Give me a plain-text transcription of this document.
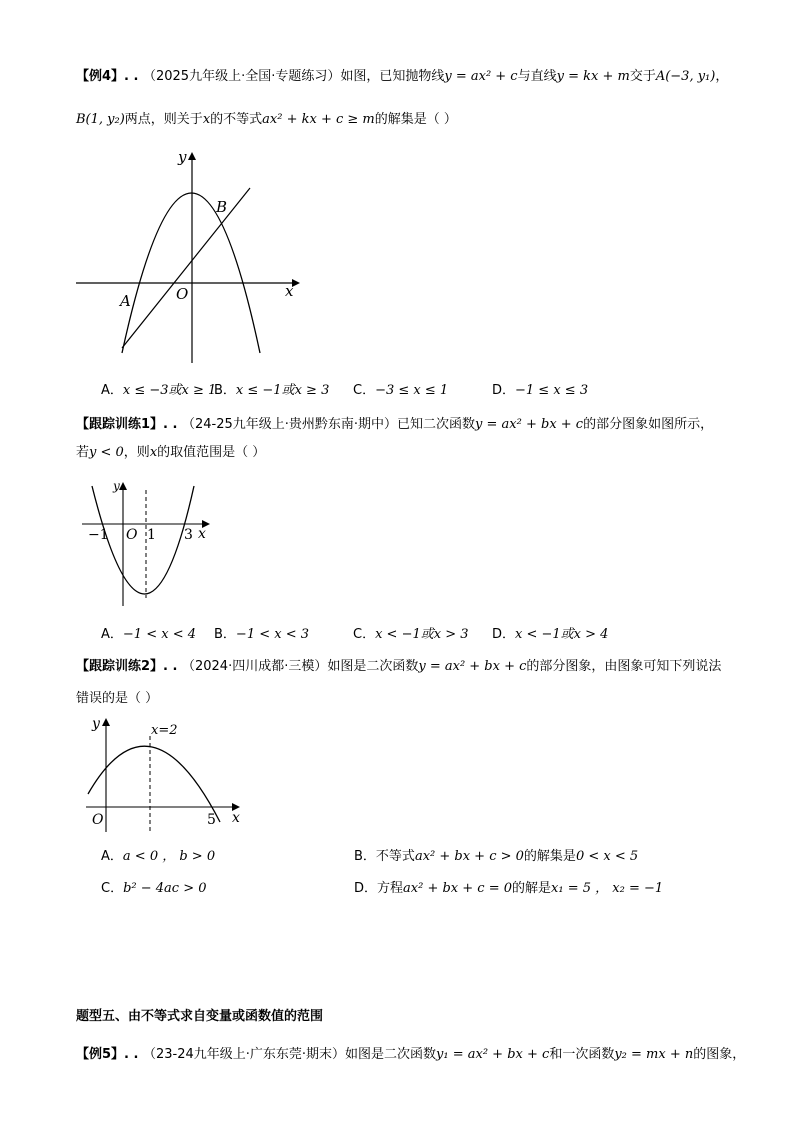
【例4】. . （2025九年级上·全国·专题练习）如图，已知抛物线y = ax² + c与直线y = kx + m交于A(−3, y₁)，
B(1, y₂)两点，则关于x的不等式ax² + kx + c ≥ m的解集是（ ）
y
x
O
A
B
A．x ≤ −3或x ≥ 1
B．x ≤ −1或x ≥ 3 C．−3 ≤ x ≤ 1	D．−1 ≤ x ≤ 3
【跟踪训练1】. . （24-25九年级上·贵州黔东南·期中）已知二次函数y = ax² + bx + c的部分图象如图所示，
若y < 0，则x的取值范围是（ ）
y
x
O
−1	1 3
A．−1 < x < 4 B．−1 < x < 3	C．x < −1或x > 3 D．x < −1或x > 4
【跟踪训练2】. . （2024·四川成都·三模）如图是二次函数y = ax² + bx + c的部分图象，由图象可知下列说法
错误的是（ ）
y
x
O
x=2
5
A．a < 0 ， b > 0	B．不等式ax² + bx + c > 0的解集是0 < x < 5
C．b² − 4ac > 0	D．方程ax² + bx + c = 0的解是x₁ = 5 ， x₂ = −1
题型五、由不等式求自变量或函数值的范围
【例5】. . （23-24九年级上·广东东莞·期末）如图是二次函数y₁ = ax² + bx + c和一次函数y₂ = mx + n的图象，
